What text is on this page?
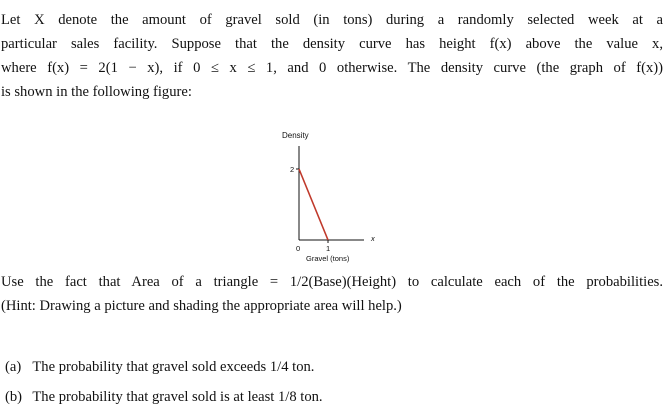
Let X denote the amount of gravel sold (in tons) during a randomly selected week at a
particular sales facility. Suppose that the density curve has height f(x) above the value x,
where f(x) = 2(1 − x), if 0 ≤ x ≤ 1, and 0 otherwise. The density curve (the graph of f(x))
is shown in the following figure:
Density
2
0	1
x
Gravel (tons)
Use the fact that Area of a triangle = 1/2(Base)(Height) to calculate each of the probabilities.
(Hint: Drawing a picture and shading the appropriate area will help.)
(a) The probability that gravel sold exceeds 1/4 ton.
(b) The probability that gravel sold is at least 1/8 ton.
